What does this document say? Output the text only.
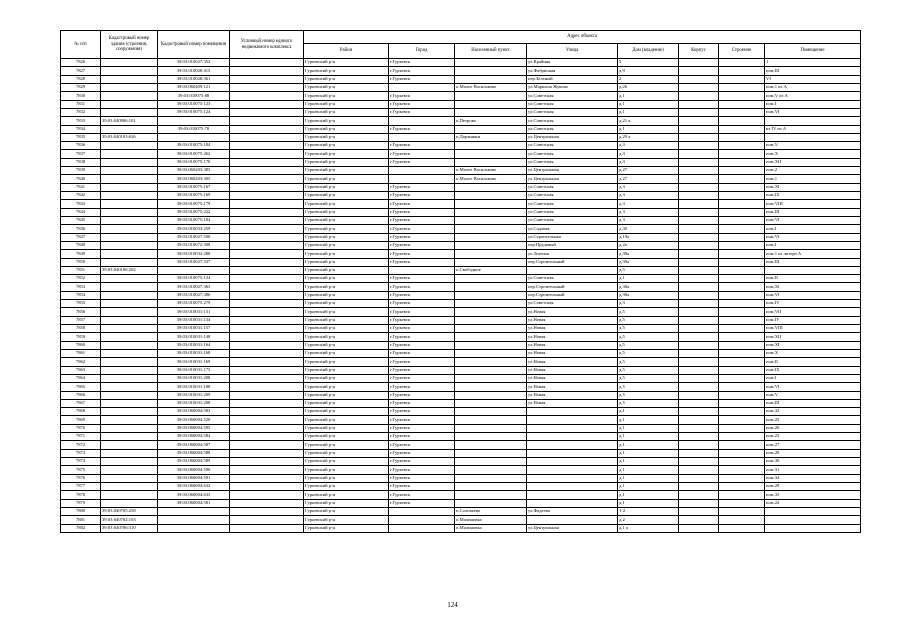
№ п/п	Кадастровый номер здания (строения, сооружения)	Кадастровый номер помещения	Условный номер единого недвижимого комплекса	Адрес объекта							
				Район	Город	Населенный пункт	Улица	Дом (владение)	Корпус	Строение	Помещение
7826		39:03:010027:352		Гурьевский р-н	г.Гурьевск		ул.Крайняя	5			1
7827		39:03:010028:415		Гурьевский р-н	г.Гурьевск		ул.Фабричная	д.9			пом.III
7828		39:03:010028:361		Гурьевский р-н	г.Гурьевск		пер.Зеленый	2			VI
7829		39:03:060409:121		Гурьевский р-н		п.Малое Васильково	ул.Маршала Жукова	д.26			пом.1 из А
7830		39:03:010075:88		Гурьевский р-н	г.Гурьевск		ул.Советская	д.1			пом.V из А
7831		39:03:010075:123		Гурьевский р-н	г.Гурьевск		ул.Советская	д.1			пом.I
7832		39:03:010075:124		Гурьевский р-н	г.Гурьевск		ул.Советская	д.1			пом.VI
7833	39:03:040906:101			Гурьевский р-н		п.Петрово	ул.Советская	д.21 а			
7834		39:03:010075:78		Гурьевский р-н	г.Гурьевск		ул.Советская	д.1			из IV из А
7835	39:03:040103:626			Гурьевский р-н		п.Доржинки	ул.Центральная	д.29 а			
7836		39:03:010075:184		Гурьевский р-н	г.Гурьевск		ул.Советская	д.3			пом.V
7837		39:03:010075:262		Гурьевский р-н	г.Гурьевск		ул.Советская	д.3			пом.X
7838		39:03:010075:170		Гурьевский р-н	г.Гурьевск		ул.Советская	д.3			пом.XII
7839		39:03:060203:383		Гурьевский р-н		п.Малое Васильково	ул.Центральная	д.27			пом.2
7840		39:03:060203:305		Гурьевский р-н		п.Малое Васильково	ул.Центральная	д.27			пом.1
7841		39:03:010075:167		Гурьевский р-н	г.Гурьевск		ул.Советская	д.3			пом.XI
7842		39:03:010075:169		Гурьевский р-н	г.Гурьевск		ул.Советская	д.3			пом.IX
7843		39:03:010075:179		Гурьевский р-н	г.Гурьевск		ул.Советская	д.3			пом.VIII
7844		39:03:010075:222		Гурьевский р-н	г.Гурьевск		ул.Советская	д.3			пом.III
7845		39:03:010075:184		Гурьевский р-н	г.Гурьевск		ул.Советская	д.3			пом.VI
7846		39:03:010033:259		Гурьевский р-н	г.Гурьевск		ул.Садовая	д.30			пом.I
7847		39:03:010027:500		Гурьевский р-н	г.Гурьевск		ул.Строительная	д.19а			пом.VI
7848		39:03:010072:308		Гурьевский р-н	г.Гурьевск		пер.Прудовый	д.2а			пом.I
7849		39:03:010032:288		Гурьевский р-н	г.Гурьевск		ул.Зеленая	д.38а			пом.1 из литера А
7850		39:03:010027:337		Гурьевский р-н	г.Гурьевск		пер.Строительный	д.30а			пом.III
7851	39:03:040106:202			Гурьевский р-н		п.Свободное		д.5			
7852		39:03:010075:134		Гурьевский р-н	г.Гурьевск		ул.Советская	д.1			пом.II
7853		39:03:010027:363		Гурьевский р-н	г.Гурьевск		пер.Строительный	д.30а			пом.XI
7854		39:03:010027:386		Гурьевский р-н	г.Гурьевск		пер.Строительный	д.30а			пом.VI
7855		39:03:010075:279		Гурьевский р-н	г.Гурьевск		ул.Советская	д.3			пом.IV
7856		39:03:010031:131		Гурьевский р-н	г.Гурьевск		ул.Новая	д.5			пом.VII
7857		39:03:010031:134		Гурьевский р-н	г.Гурьевск		ул.Новая	д.5			пом.IV
7858		39:03:010031:157		Гурьевский р-н	г.Гурьевск		ул.Новая	д.5			пом.VIII
7859		39:03:010031:148		Гурьевский р-н	г.Гурьевск		ул.Новая	д.5			пом.XII
7860		39:03:010031:164		Гурьевский р-н	г.Гурьевск		ул.Новая	д.5			пом.XI
7861		39:03:010031:168		Гурьевский р-н	г.Гурьевск		ул.Новая	д.5			пом.X
7862		39:03:010031:169		Гурьевский р-н	г.Гурьевск		ул.Новая	д.5			пом.II
7863		39:03:010031:173		Гурьевский р-н	г.Гурьевск		ул.Новая	д.5			пом.IX
7864		39:03:010031:208		Гурьевский р-н	г.Гурьевск		ул.Новая	д.5			пом.I
7865		39:03:010031:188		Гурьевский р-н	г.Гурьевск		ул.Новая	д.5			пом.VI
7866		39:03:010031:209		Гурьевский р-н	г.Гурьевск		ул.Новая	д.5			пом.V
7867		39:03:010031:208		Гурьевский р-н	г.Гурьевск		ул.Новая	д.5			пом.III
7868		39:03:060004:583		Гурьевский р-н	г.Гурьевск			д.1			пом.32
7869		39:03:060004:520		Гурьевский р-н	г.Гурьевск			д.1			пом.25
7870		39:03:060004:595		Гурьевский р-н	г.Гурьевск			д.1			пом.26
7871		39:03:060004:584		Гурьевский р-н	г.Гурьевск			д.1			пом.23
7872		39:03:060004:587		Гурьевский р-н	г.Гурьевск			д.1			пом.27
7873		39:03:060004:588		Гурьевский р-н	г.Гурьевск			д.1			пом.28
7874		39:03:060004:589		Гурьевский р-н	г.Гурьевск			д.1			пом.30
7875		39:03:060004:590		Гурьевский р-н	г.Гурьевск			д.1			пом.31
7876		39:03:060004:591		Гурьевский р-н	г.Гурьевск			д.1			пом.34
7877		39:03:060004:632		Гурьевский р-н	г.Гурьевск			д.1			пом.29
7878		39:03:060004:633		Гурьевский р-н	г.Гурьевск			д.1			пом.33
7879		39:03:060004:581		Гурьевский р-н	г.Гурьевск			д.1			пом.24
7880	39:03:040705:258			Гурьевский р-н		п.Соловьево	ул.Фадеева	1-2			
7881	39:03:040702:103			Гурьевский р-н		п.Малиновка		д.2			
7882	39:03:040706:310			Гурьевский р-н		п.Малиновка	ул.Центральная	д.1 а			
124
